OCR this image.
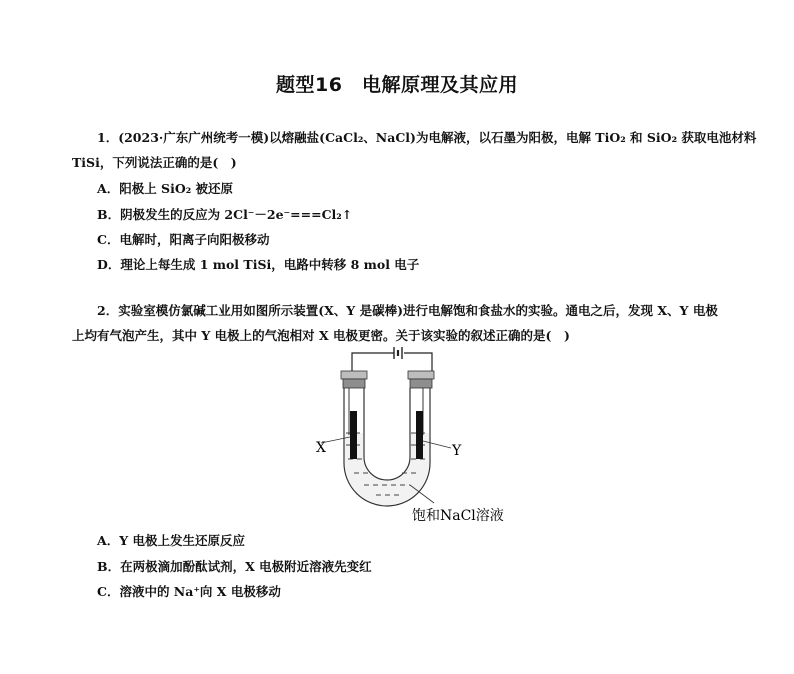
题型16　电解原理及其应用
1．(2023·广东广州统考一模)以熔融盐(CaCl₂、NaCl)为电解液，以石墨为阳极，电解 TiO₂ 和 SiO₂ 获取电池材料
TiSi，下列说法正确的是(　)
A．阳极上 SiO₂ 被还原
B．阴极发生的反应为 2Cl⁻－2e⁻===Cl₂↑
C．电解时，阳离子向阳极移动
D．理论上每生成 1 mol TiSi，电路中转移 8 mol 电子
2．实验室模仿氯碱工业用如图所示装置(X、Y 是碳棒)进行电解饱和食盐水的实验。通电之后，发现 X、Y 电极
上均有气泡产生，其中 Y 电极上的气泡相对 X 电极更密。关于该实验的叙述正确的是(　)
X	Y
饱和NaCl溶液
A．Y 电极上发生还原反应
B．在两极滴加酚酞试剂，X 电极附近溶液先变红
C．溶液中的 Na⁺向 X 电极移动
